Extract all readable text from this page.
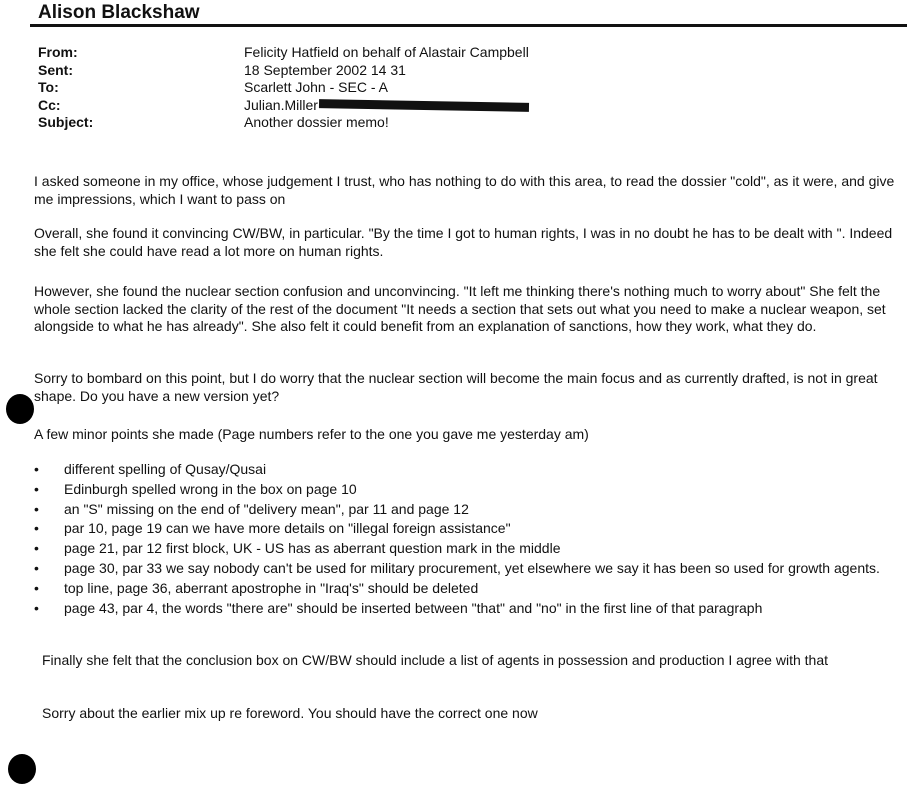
Alison Blackshaw
From:	Felicity Hatfield on behalf of Alastair Campbell
Sent:	18 September 2002 14 31
To:	Scarlett John - SEC - A
Cc:	Julian.Miller
Subject:	Another dossier memo!

I asked someone in my office, whose judgement I trust, who has nothing to do with this area, to read the dossier "cold", as it were, and give me impressions, which I want to pass on

Overall, she found it convincing CW/BW, in particular. "By the time I got to human rights, I was in no doubt he has to be dealt with ". Indeed she felt she could have read a lot more on human rights.

However, she found the nuclear section confusion and unconvincing. "It left me thinking there's nothing much to worry about" She felt the whole section lacked the clarity of the rest of the document "It needs a section that sets out what you need to make a nuclear weapon, set alongside to what he has already". She also felt it could benefit from an explanation of sanctions, how they work, what they do.

Sorry to bombard on this point, but I do worry that the nuclear section will become the main focus and as currently drafted, is not in great shape. Do you have a new version yet?

A few minor points she made (Page numbers refer to the one you gave me yesterday am)

• different spelling of Qusay/Qusai
• Edinburgh spelled wrong in the box on page 10
• an "S" missing on the end of "delivery mean", par 11 and page 12
• par 10, page 19 can we have more details on "illegal foreign assistance"
• page 21, par 12 first block, UK - US has as aberrant question mark in the middle
• page 30, par 33 we say nobody can't be used for military procurement, yet elsewhere we say it has been so used for growth agents.
• top line, page 36, aberrant apostrophe in "Iraq's" should be deleted
• page 43, par 4, the words "there are" should be inserted between "that" and "no" in the first line of that paragraph

Finally she felt that the conclusion box on CW/BW should include a list of agents in possession and production I agree with that

Sorry about the earlier mix up re foreword. You should have the correct one now
